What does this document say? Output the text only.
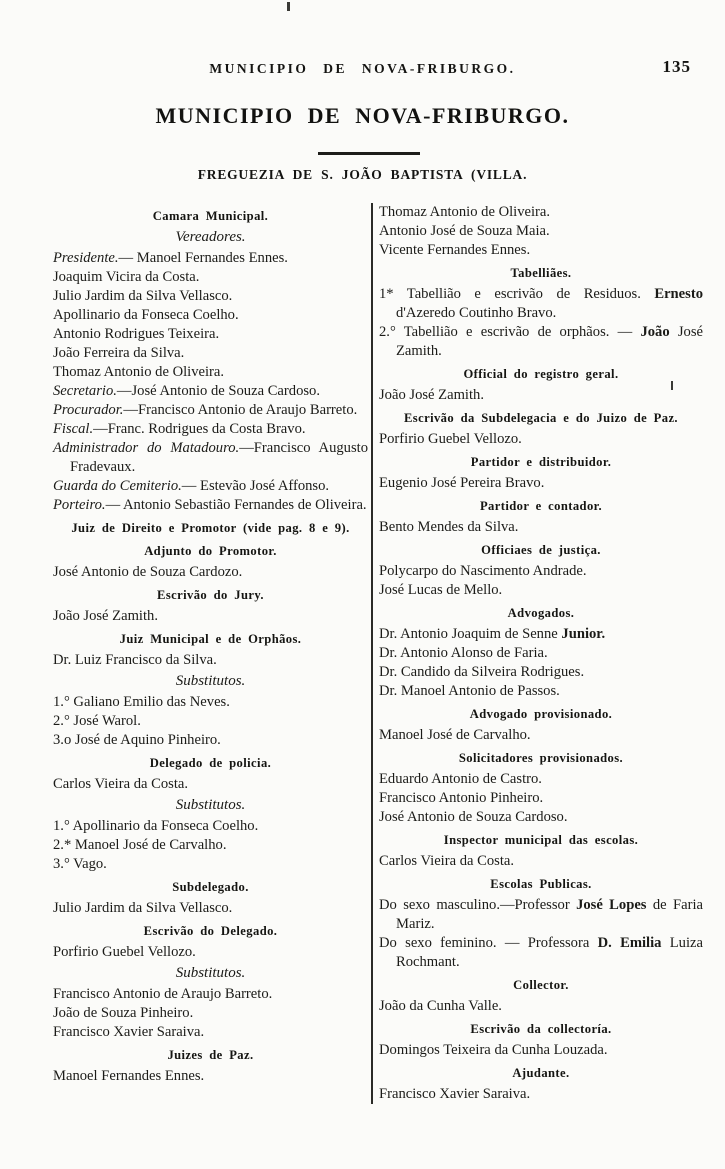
MUNICIPIO DE NOVA-FRIBURGO.	135
MUNICIPIO DE NOVA-FRIBURGO.
FREGUEZIA DE S. JOÃO BAPTISTA (VILLA.
Camara Municipal.
Vereadores.
Presidente.— Manoel Fernandes Ennes.
Joaquim Vicira da Costa.
Julio Jardim da Silva Vellasco.
Apollinario da Fonseca Coelho.
Antonio Rodrigues Teixeira.
João Ferreira da Silva.
Thomaz Antonio de Oliveira.
Secretario.—José Antonio de Souza Cardoso.
Procurador.—Francisco Antonio de Araujo Barreto.
Fiscal.—Franc. Rodrigues da Costa Bravo.
Administrador do Matadouro.—Francisco Augusto Fradevaux.
Guarda do Cemiterio.— Estevão José Affonso.
Porteiro.— Antonio Sebastião Fernandes de Oliveira.
Juiz de Direito e Promotor (vide pag. 8 e 9).
Adjunto do Promotor.
José Antonio de Souza Cardozo.
Escrivão do Jury.
João José Zamith.
Juiz Municipal e de Orphãos.
Dr. Luiz Francisco da Silva.
Substitutos.
1.° Galiano Emilio das Neves.
2.° José Warol.
3.o José de Aquino Pinheiro.
Delegado de policia.
Carlos Vieira da Costa.
Substitutos.
1.° Apollinario da Fonseca Coelho.
2.* Manoel José de Carvalho.
3.° Vago.
Subdelegado.
Julio Jardim da Silva Vellasco.
Escrivão do Delegado.
Porfirio Guebel Vellozo.
Substitutos.
Francisco Antonio de Araujo Barreto.
João de Souza Pinheiro.
Francisco Xavier Saraiva.
Juizes de Paz.
Manoel Fernandes Ennes.
Thomaz Antonio de Oliveira.
Antonio José de Souza Maia.
Vicente Fernandes Ennes.
Tabelliães.
1* Tabellião e escrivão de Residuos. Ernesto d'Azeredo Coutinho Bravo.
2.° Tabellião e escrivão de orphãos. — João José Zamith.
Official do registro geral.
João José Zamith.
Escrivão da Subdelegacia e do Juizo de Paz.
Porfirio Guebel Vellozo.
Partidor e distribuidor.
Eugenio José Pereira Bravo.
Partidor e contador.
Bento Mendes da Silva.
Officiaes de justiça.
Polycarpo do Nascimento Andrade.
José Lucas de Mello.
Advogados.
Dr. Antonio Joaquim de Senne Junior.
Dr. Antonio Alonso de Faria.
Dr. Candido da Silveira Rodrigues.
Dr. Manoel Antonio de Passos.
Advogado provisionado.
Manoel José de Carvalho.
Solicitadores provisionados.
Eduardo Antonio de Castro.
Francisco Antonio Pinheiro.
José Antonio de Souza Cardoso.
Inspector municipal das escolas.
Carlos Vieira da Costa.
Escolas Publicas.
Do sexo masculino.—Professor José Lopes de Faria Mariz.
Do sexo feminino. — Professora D. Emilia Luiza Rochmant.
Collector.
João da Cunha Valle.
Escrivão da collectoría.
Domingos Teixeira da Cunha Louzada.
Ajudante.
Francisco Xavier Saraiva.
